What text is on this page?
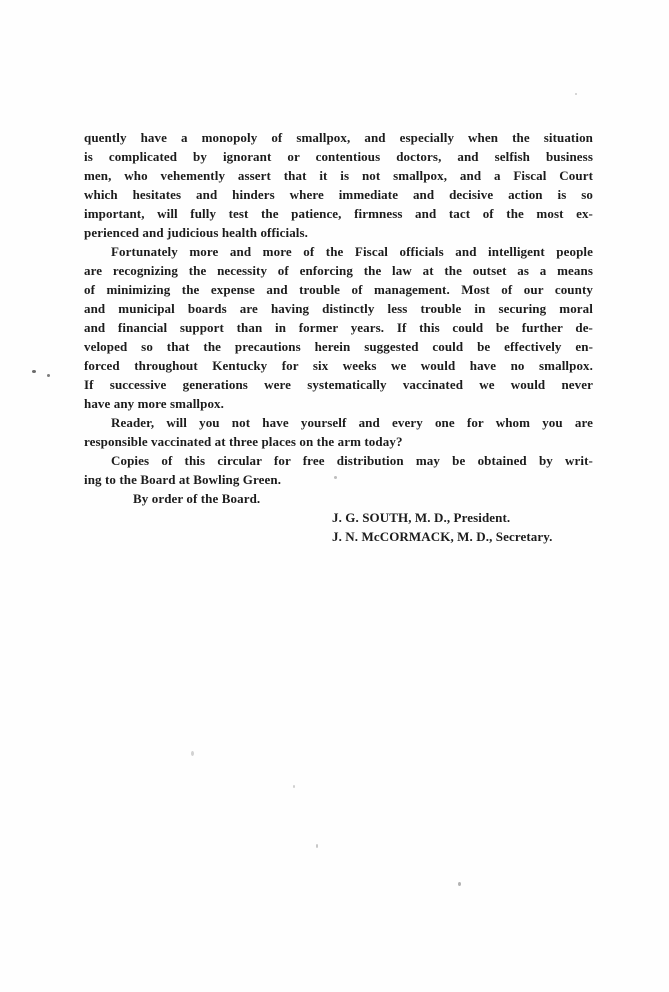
quently have a monopoly of smallpox, and especially when the situation
is complicated by ignorant or contentious doctors, and selfish business
men, who vehemently assert that it is not smallpox, and a Fiscal Court
which hesitates and hinders where immediate and decisive action is so
important, will fully test the patience, firmness and tact of the most ex-
perienced and judicious health officials.
Fortunately more and more of the Fiscal officials and intelligent people
are recognizing the necessity of enforcing the law at the outset as a means
of minimizing the expense and trouble of management. Most of our county
and municipal boards are having distinctly less trouble in securing moral
and financial support than in former years. If this could be further de-
veloped so that the precautions herein suggested could be effectively en-
forced throughout Kentucky for six weeks we would have no smallpox.
If successive generations were systematically vaccinated we would never
have any more smallpox.
Reader, will you not have yourself and every one for whom you are
responsible vaccinated at three places on the arm today?
Copies of this circular for free distribution may be obtained by writ-
ing to the Board at Bowling Green.
By order of the Board.
J. G. SOUTH, M. D., President.
J. N. McCORMACK, M. D., Secretary.
